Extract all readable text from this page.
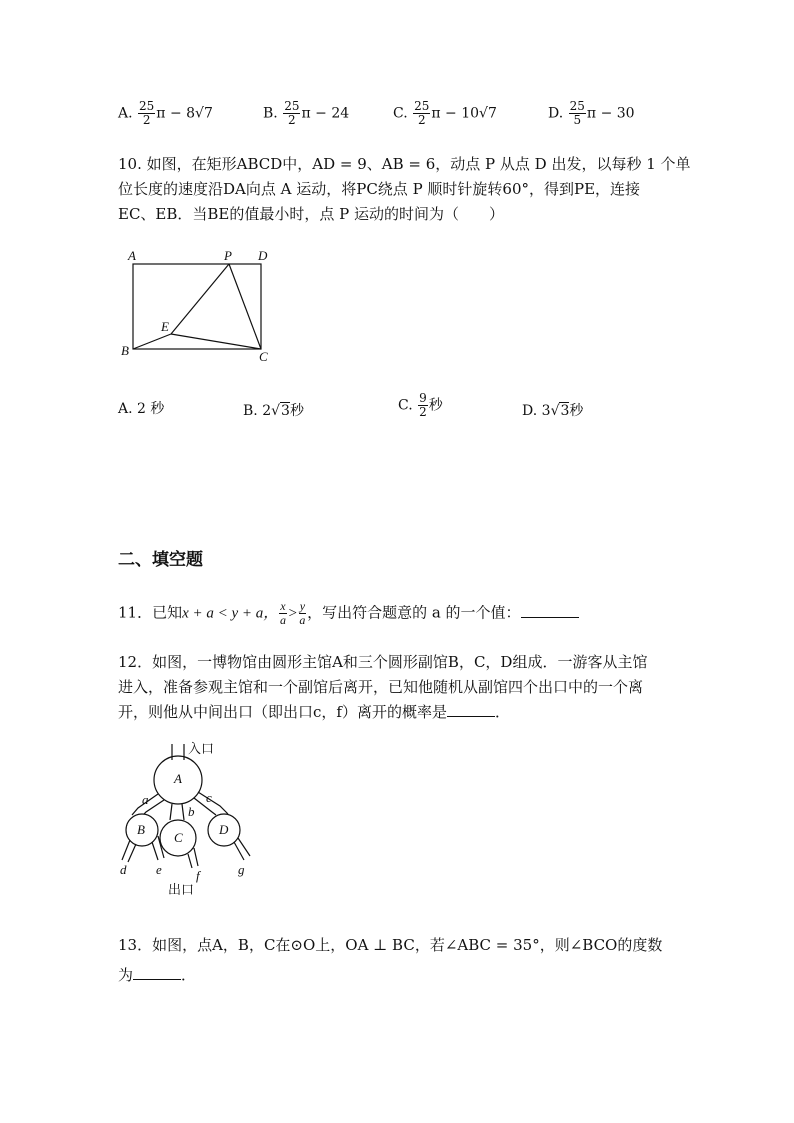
A. $\frac{25}{2}$ π − 8√7	B. $\frac{25}{2}$ π − 24	C. $\frac{25}{2}$ π − 10√7	D. $\frac{25}{5}$ π − 30
10. 如图，在矩形ABCD中，AD = 9、AB = 6，动点 P 从点 D 出发，以每秒 1 个单
位长度的速度沿DA向点 A 运动，将PC绕点 P 顺时针旋转60°，得到PE，连接
EC、EB．当BE的值最小时，点 P 运动的时间为（　　）
A	P D
E
B	C
A. 2 秒	B. 2√3秒	C. $\frac{9}{2}$ 秒	D. 3√3秒
二、填空题
11．已知x + a < y + a， $\frac{x}{a} > \frac{y}{a}$ ，写出符合题意的 a 的一个值：
12．如图，一博物馆由圆形主馆A和三个圆形副馆B，C，D组成．一游客从主馆
进入，准备参观主馆和一个副馆后离开，已知他随机从副馆四个出口中的一个离
开，则他从中间出口（即出口c，f）离开的概率是	．
入口
A
B
C
D
a
b
c
d e	f	g
出口
13．如图，点A，B，C在⊙O上，OA ⊥ BC，若∠ABC = 35°，则∠BCO的度数
为	．
